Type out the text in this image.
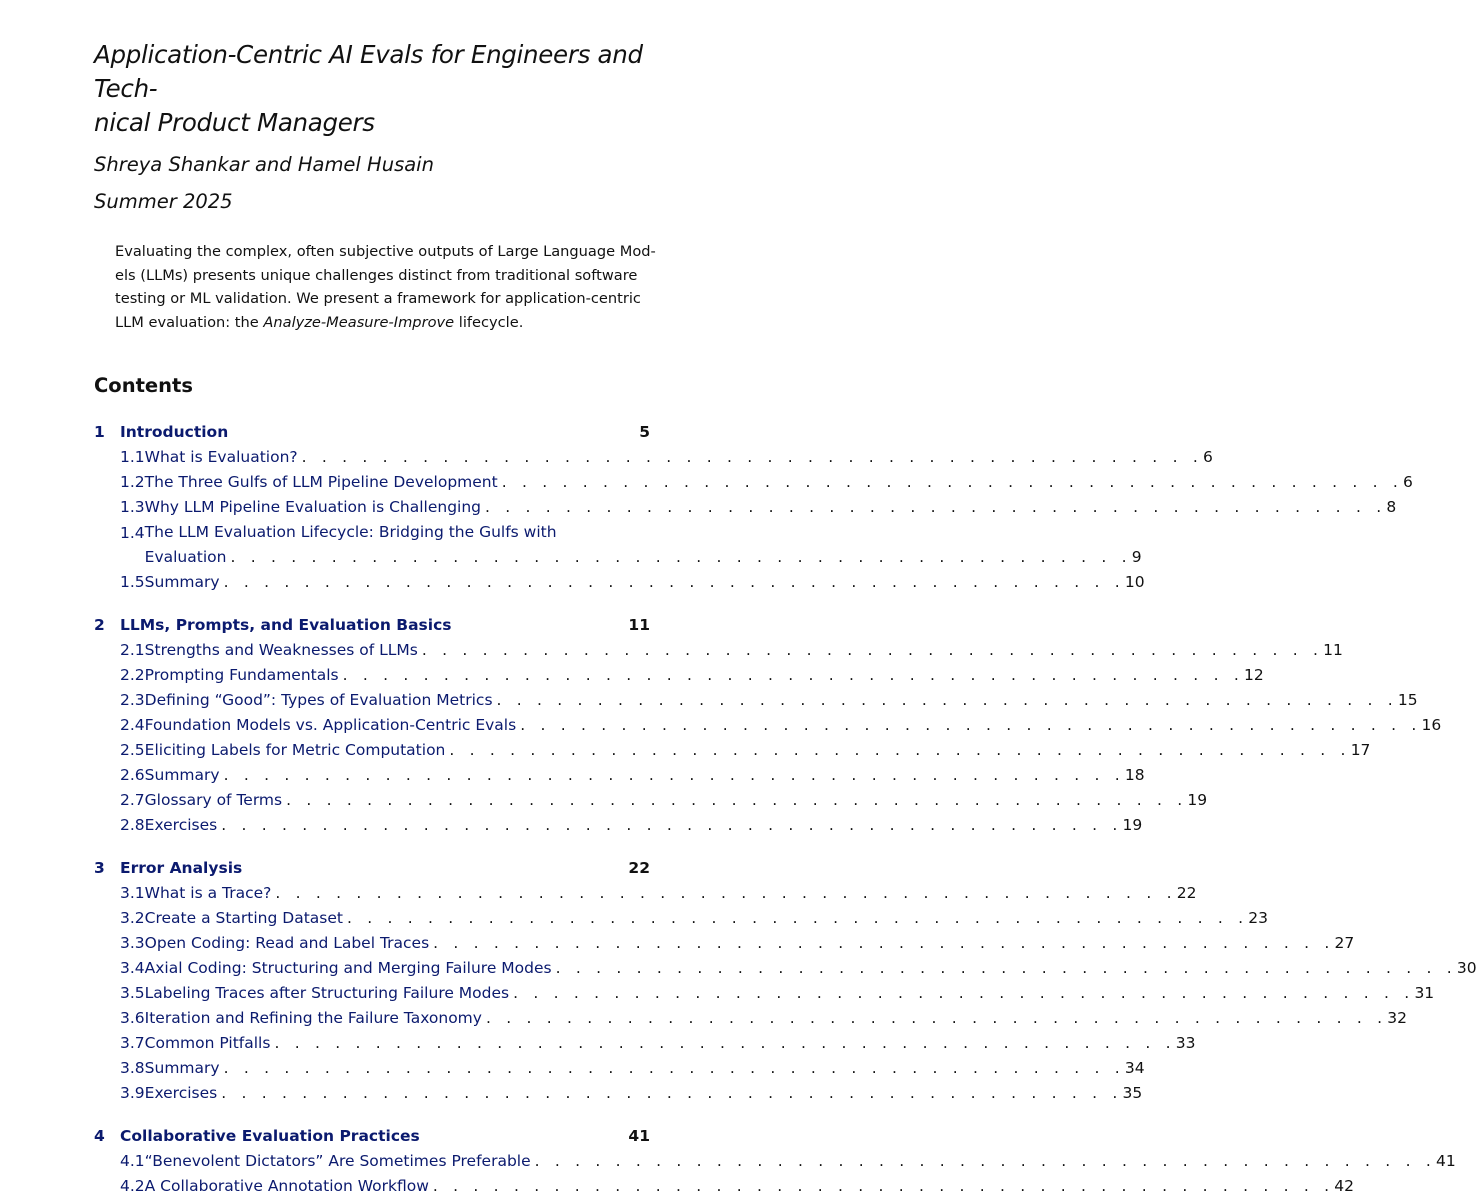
Application-Centric AI Evals for Engineers and Tech-
nical Product Managers
Shreya Shankar and Hamel Husain
Summer 2025
Evaluating the complex, often subjective outputs of Large Language Mod-
els (LLMs) presents unique challenges distinct from traditional software
testing or ML validation. We present a framework for application-centric
LLM evaluation: the Analyze-Measure-Improve lifecycle.
Contents
1 Introduction	5
1.1 What is Evaluation? . . . . . . . . . . . . . . . . . . . . . . . . . . . . . . . . . . . . . . . . . . . . . 6
1.2 The Three Gulfs of LLM Pipeline Development . . . . . . . . . . . . . . . . . . . . . . . . . . . . . . . . . . . . . . . . . . . . . 6
1.3 Why LLM Pipeline Evaluation is Challenging . . . . . . . . . . . . . . . . . . . . . . . . . . . . . . . . . . . . . . . . . . . . . 8
1.4 The LLM Evaluation Lifecycle: Bridging the Gulfs with
Evaluation . . . . . . . . . . . . . . . . . . . . . . . . . . . . . . . . . . . . . . . . . . . . . 9
1.5 Summary . . . . . . . . . . . . . . . . . . . . . . . . . . . . . . . . . . . . . . . . . . . . . 10
2 LLMs, Prompts, and Evaluation Basics	11
2.1 Strengths and Weaknesses of LLMs . . . . . . . . . . . . . . . . . . . . . . . . . . . . . . . . . . . . . . . . . . . . . 11
2.2 Prompting Fundamentals . . . . . . . . . . . . . . . . . . . . . . . . . . . . . . . . . . . . . . . . . . . . . 12
2.3 Defining “Good”: Types of Evaluation Metrics . . . . . . . . . . . . . . . . . . . . . . . . . . . . . . . . . . . . . . . . . . . . . 15
2.4 Foundation Models vs. Application-Centric Evals . . . . . . . . . . . . . . . . . . . . . . . . . . . . . . . . . . . . . . . . . . . . . 16
2.5 Eliciting Labels for Metric Computation . . . . . . . . . . . . . . . . . . . . . . . . . . . . . . . . . . . . . . . . . . . . . 17
2.6 Summary . . . . . . . . . . . . . . . . . . . . . . . . . . . . . . . . . . . . . . . . . . . . . 18
2.7 Glossary of Terms . . . . . . . . . . . . . . . . . . . . . . . . . . . . . . . . . . . . . . . . . . . . . 19
2.8 Exercises . . . . . . . . . . . . . . . . . . . . . . . . . . . . . . . . . . . . . . . . . . . . . 19
3 Error Analysis	22
3.1 What is a Trace? . . . . . . . . . . . . . . . . . . . . . . . . . . . . . . . . . . . . . . . . . . . . . 22
3.2 Create a Starting Dataset . . . . . . . . . . . . . . . . . . . . . . . . . . . . . . . . . . . . . . . . . . . . . 23
3.3 Open Coding: Read and Label Traces . . . . . . . . . . . . . . . . . . . . . . . . . . . . . . . . . . . . . . . . . . . . . 27
3.4 Axial Coding: Structuring and Merging Failure Modes . . . . . . . . . . . . . . . . . . . . . . . . . . . . . . . . . . . . . . . . . . . . . 30
3.5 Labeling Traces after Structuring Failure Modes . . . . . . . . . . . . . . . . . . . . . . . . . . . . . . . . . . . . . . . . . . . . . 31
3.6 Iteration and Refining the Failure Taxonomy . . . . . . . . . . . . . . . . . . . . . . . . . . . . . . . . . . . . . . . . . . . . . 32
3.7 Common Pitfalls . . . . . . . . . . . . . . . . . . . . . . . . . . . . . . . . . . . . . . . . . . . . . 33
3.8 Summary . . . . . . . . . . . . . . . . . . . . . . . . . . . . . . . . . . . . . . . . . . . . . 34
3.9 Exercises . . . . . . . . . . . . . . . . . . . . . . . . . . . . . . . . . . . . . . . . . . . . . 35
4 Collaborative Evaluation Practices	41
4.1 “Benevolent Dictators” Are Sometimes Preferable . . . . . . . . . . . . . . . . . . . . . . . . . . . . . . . . . . . . . . . . . . . . . 41
4.2 A Collaborative Annotation Workflow . . . . . . . . . . . . . . . . . . . . . . . . . . . . . . . . . . . . . . . . . . . . . 42
